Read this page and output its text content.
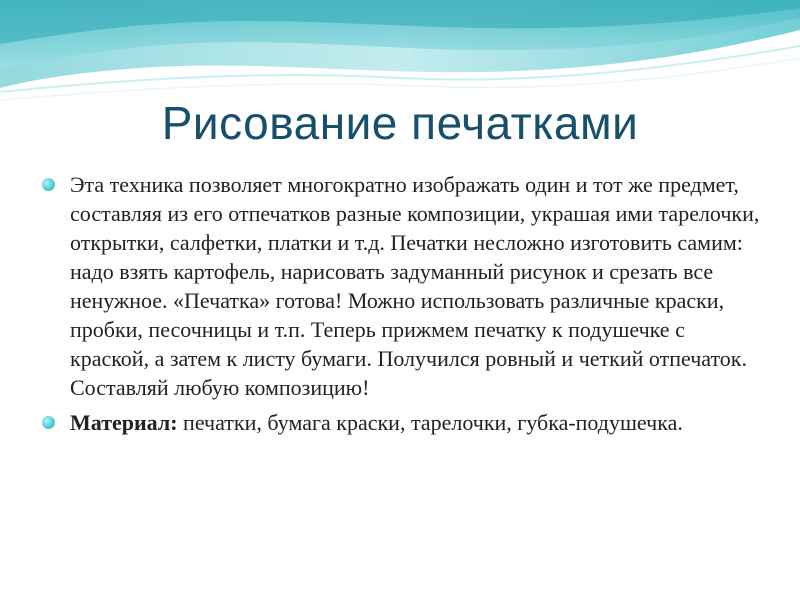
Рисование печатками

Эта техника позволяет многократно изображать один и тот же предмет, составляя из его отпечатков разные композиции, украшая ими тарелочки, открытки, салфетки, платки и т.д. Печатки несложно изготовить самим: надо взять картофель, нарисовать задуманный рисунок и срезать все ненужное. «Печатка» готова! Можно использовать различные краски, пробки, песочницы и т.п. Теперь прижмем печатку к подушечке с краской, а затем к листу бумаги. Получился ровный и четкий отпечаток. Составляй любую композицию!

Материал: печатки, бумага краски, тарелочки, губка-подушечка.
